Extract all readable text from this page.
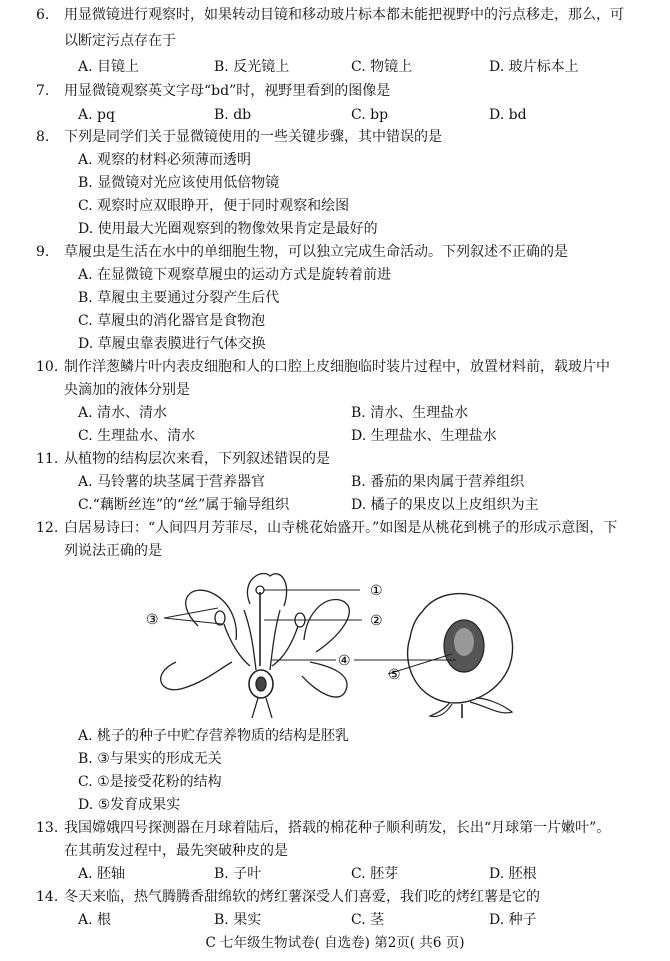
6. 用显微镜进行观察时，如果转动目镜和移动玻片标本都未能把视野中的污点移走，那么，可
以断定污点存在于
A. 目镜上	B. 反光镜上	C. 物镜上	D. 玻片标本上
7. 用显微镜观察英文字母“bd”时，视野里看到的图像是
A. pq	B. db	C. bp	D. bd
8. 下列是同学们关于显微镜使用的一些关键步骤，其中错误的是
A. 观察的材料必须薄而透明
B. 显微镜对光应该使用低倍物镜
C. 观察时应双眼睁开，便于同时观察和绘图
D. 使用最大光圈观察到的物像效果肯定是最好的
9. 草履虫是生活在水中的单细胞生物，可以独立完成生命活动。下列叙述不正确的是
A. 在显微镜下观察草履虫的运动方式是旋转着前进
B. 草履虫主要通过分裂产生后代
C. 草履虫的消化器官是食物泡
D. 草履虫靠表膜进行气体交换
10. 制作洋葱鳞片叶内表皮细胞和人的口腔上皮细胞临时装片过程中，放置材料前，载玻片中
央滴加的液体分别是
A. 清水、清水	B. 清水、生理盐水
C. 生理盐水、清水	D. 生理盐水、生理盐水
11. 从植物的结构层次来看，下列叙述错误的是
A. 马铃薯的块茎属于营养器官	B. 番茄的果肉属于营养组织
C.“藕断丝连”的“丝”属于输导组织	D. 橘子的果皮以上皮组织为主
12. 白居易诗曰：“人间四月芳菲尽，山寺桃花始盛开。”如图是从桃花到桃子的形成示意图，下
列说法正确的是
①
②
③
④
⑤
A. 桃子的种子中贮存营养物质的结构是胚乳
B. ③与果实的形成无关
C. ①是接受花粉的结构
D. ⑤发育成果实
13. 我国嫦娥四号探测器在月球着陆后，搭载的棉花种子顺利萌发，长出“月球第一片嫩叶”。
在其萌发过程中，最先突破种皮的是
A. 胚轴	B. 子叶	C. 胚芽	D. 胚根
14. 冬天来临，热气腾腾香甜绵软的烤红薯深受人们喜爱，我们吃的烤红薯是它的
A. 根	B. 果实	C. 茎	D. 种子
C 七年级生物试卷( 自选卷) 第2页( 共6 页)
